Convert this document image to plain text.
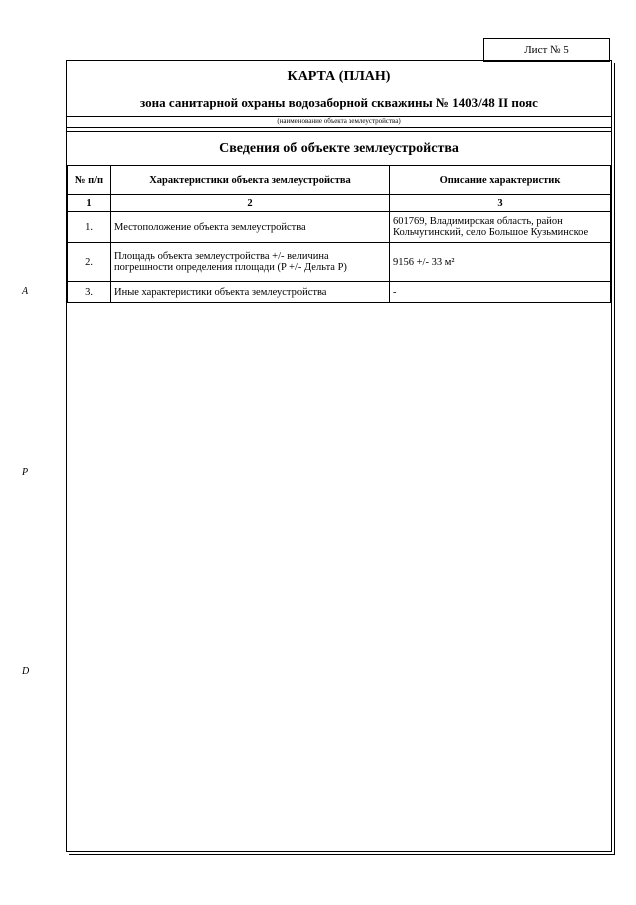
Лист № 5
КАРТА (ПЛАН)
зона санитарной охраны водозаборной скважины № 1403/48 II пояс
(наименование объекта землеустройства)
Сведения об объекте землеустройства
№ п/п	Характеристики объекта землеустройства	Описание характеристик
1	2	3
1.	Местоположение объекта землеустройства	601769, Владимирская область, район Кольчугинский, село Большое Кузьминское
2.	Площадь объекта землеустройства +/- величина погрешности определения площади (P +/- Дельта P)	9156 +/- 33 м²
3.	Иные характеристики объекта землеустройства	-
A
P
D
